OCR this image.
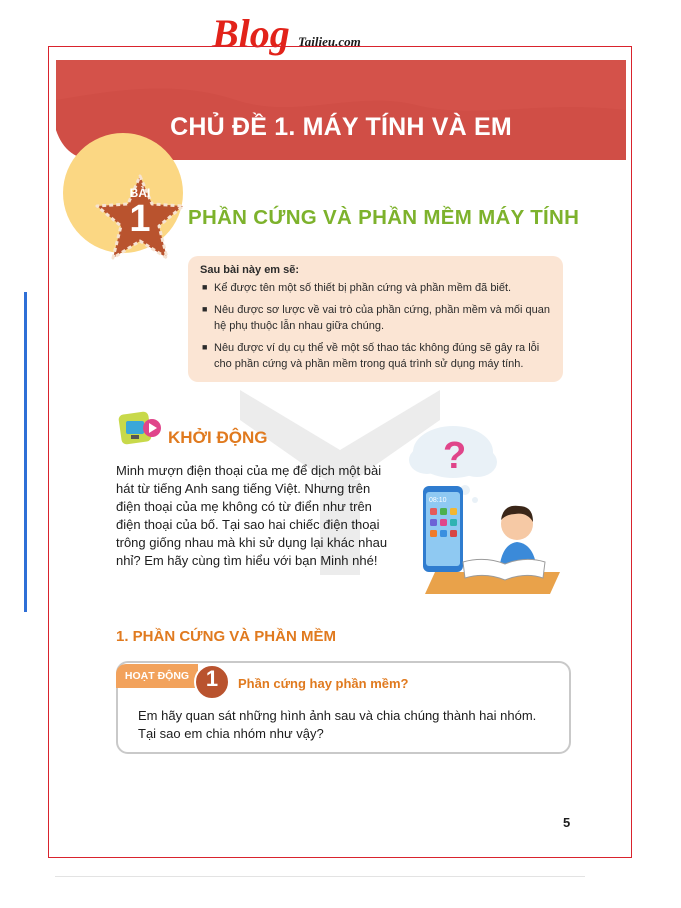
Blog Tailieu.com
CHỦ ĐỀ 1. MÁY TÍNH VÀ EM
BÀI
1	PHẦN CỨNG VÀ PHẦN MỀM MÁY TÍNH
Sau bài này em sẽ:
■ Kể được tên một số thiết bị phần cứng và phần mềm đã biết.
■ Nêu được sơ lược về vai trò của phần cứng, phần mềm và mối quan
hệ phụ thuộc lẫn nhau giữa chúng.
■ Nêu được ví dụ cụ thể về một số thao tác không đúng sẽ gây ra lỗi
cho phần cứng và phần mềm trong quá trình sử dụng máy tính.
KHỞI ĐỘNG
Minh mượn điện thoại của mẹ để dịch một bài
hát từ tiếng Anh sang tiếng Việt. Nhưng trên
điện thoại của mẹ không có từ điển như trên
điện thoại của bố. Tại sao hai chiếc điện thoại
trông giống nhau mà khi sử dụng lại khác nhau
nhỉ? Em hãy cùng tìm hiểu với bạn Minh nhé!
?
08:10
1. PHẦN CỨNG VÀ PHẦN MỀM
HOẠT ĐỘNG 1	Phần cứng hay phần mềm?
Em hãy quan sát những hình ảnh sau và chia chúng thành hai nhóm.
Tại sao em chia nhóm như vậy?
5
